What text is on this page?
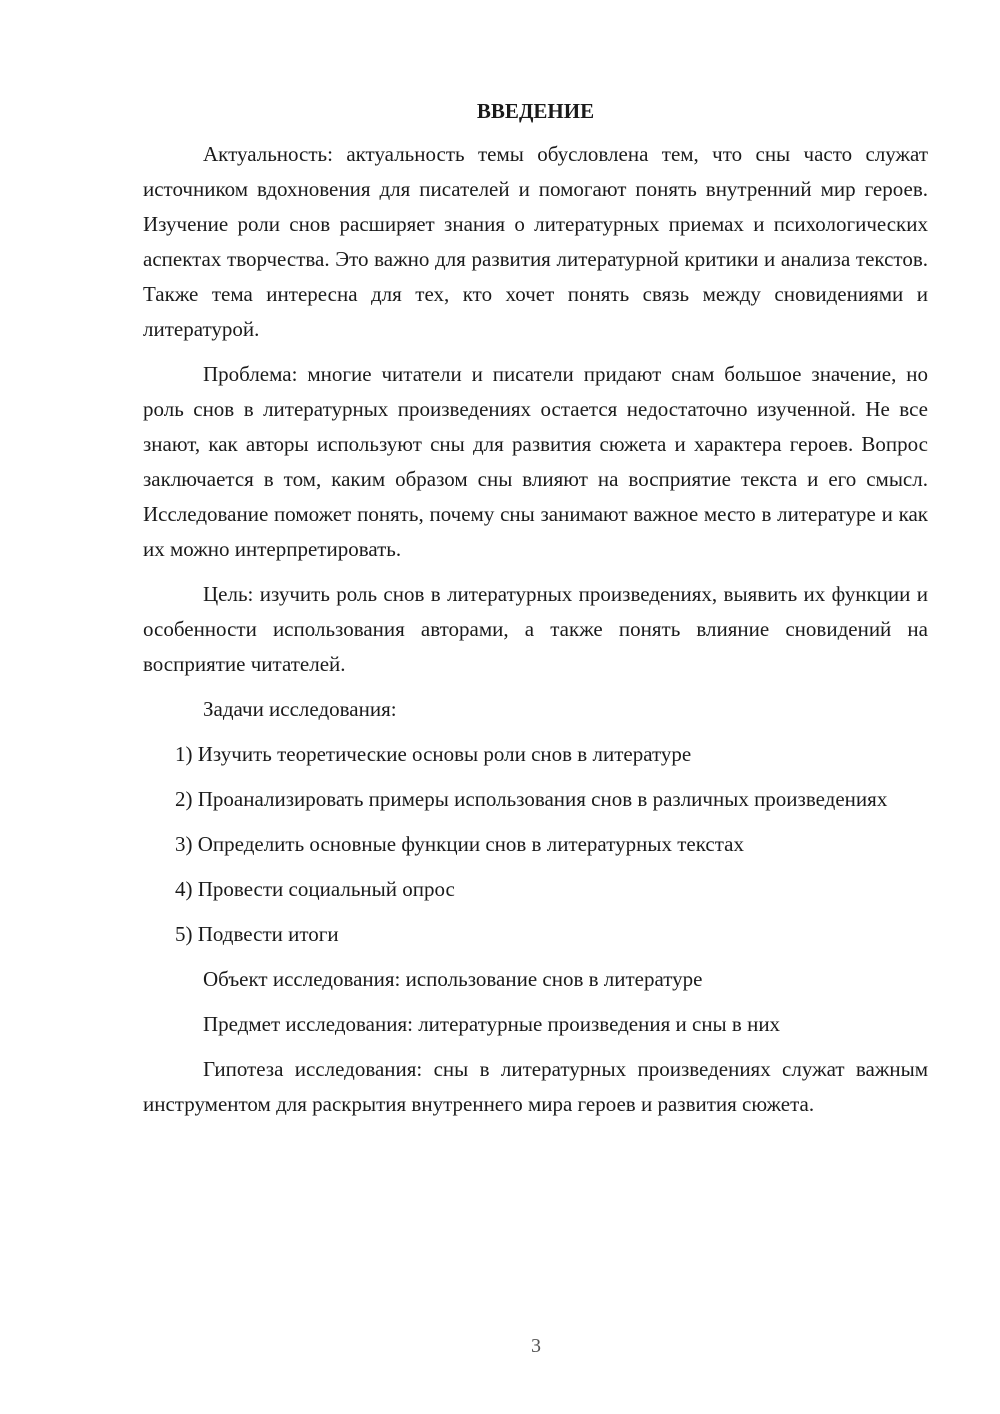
ВВЕДЕНИЕ

Актуальность: актуальность темы обусловлена тем, что сны часто служат источником вдохновения для писателей и помогают понять внутренний мир героев. Изучение роли снов расширяет знания о литературных приемах и психологических аспектах творчества. Это важно для развития литературной критики и анализа текстов. Также тема интересна для тех, кто хочет понять связь между сновидениями и литературой.

Проблема: многие читатели и писатели придают снам большое значение, но роль снов в литературных произведениях остается недостаточно изученной. Не все знают, как авторы используют сны для развития сюжета и характера героев. Вопрос заключается в том, каким образом сны влияют на восприятие текста и его смысл. Исследование поможет понять, почему сны занимают важное место в литературе и как их можно интерпретировать.

Цель: изучить роль снов в литературных произведениях, выявить их функции и особенности использования авторами, а также понять влияние сновидений на восприятие читателей.

Задачи исследования:

1) Изучить теоретические основы роли снов в литературе

2) Проанализировать примеры использования снов в различных произведениях

3) Определить основные функции снов в литературных текстах

4) Провести социальный опрос

5) Подвести итоги

Объект исследования: использование снов в литературе

Предмет исследования: литературные произведения и сны в них

Гипотеза исследования: сны в литературных произведениях служат важным инструментом для раскрытия внутреннего мира героев и развития сюжета.

3
